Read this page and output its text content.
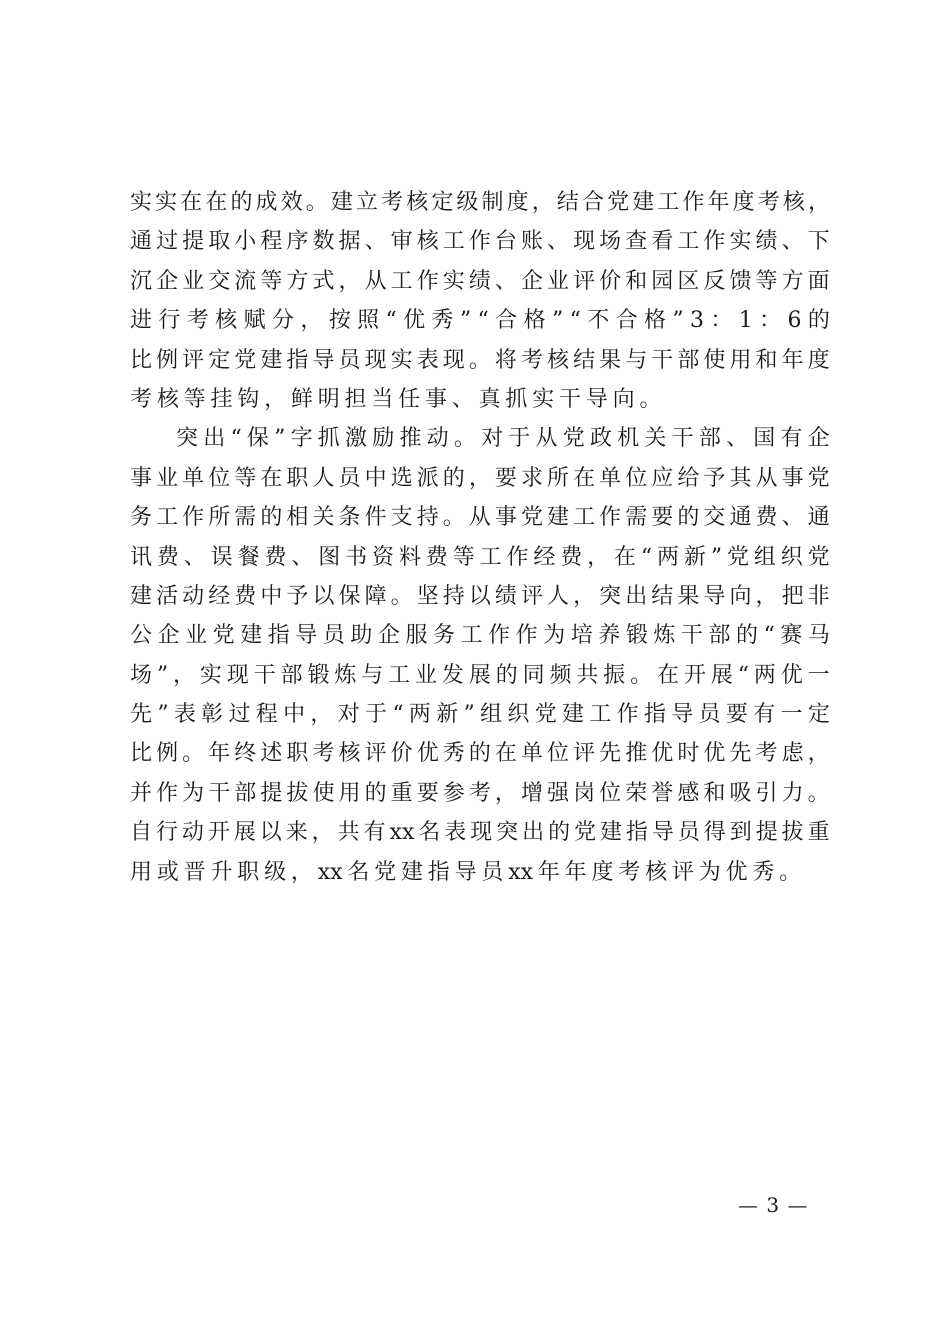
实 实 在 在 的 成 效 。 建 立 考 核 定 级 制 度 ， 结 合 党 建 工 作 年 度 考 核 ，
通 过 提 取 小 程 序 数 据 、 审 核 工 作 台 账 、 现 场 查 看 工 作 实 绩 、 下
沉 企 业 交 流 等 方 式 ， 从 工 作 实 绩 、 企 业 评 价 和 园 区 反 馈 等 方 面
进 行 考 核 赋 分 ， 按 照 “ 优 秀 ” “ 合 格 ” “ 不 合 格 ” 3 ： 1 ： 6 的
比 例 评 定 党 建 指 导 员 现 实 表 现 。 将 考 核 结 果 与 干 部 使 用 和 年 度
考 核 等 挂 钩 ， 鲜 明 担 当 任 事 、 真 抓 实 干 导 向 。
突 出 “ 保 ” 字 抓 激 励 推 动 。 对 于 从 党 政 机 关 干 部 、 国 有 企
事 业 单 位 等 在 职 人 员 中 选 派 的 ， 要 求 所 在 单 位 应 给 予 其 从 事 党
务 工 作 所 需 的 相 关 条 件 支 持 。 从 事 党 建 工 作 需 要 的 交 通 费 、 通
讯 费 、 误 餐 费 、 图 书 资 料 费 等 工 作 经 费 ， 在 “ 两 新 ” 党 组 织 党
建 活 动 经 费 中 予 以 保 障 。 坚 持 以 绩 评 人 ， 突 出 结 果 导 向 ， 把 非
公 企 业 党 建 指 导 员 助 企 服 务 工 作 作 为 培 养 锻 炼 干 部 的 “ 赛 马
场 ” ， 实 现 干 部 锻 炼 与 工 业 发 展 的 同 频 共 振 。 在 开 展 “ 两 优 一
先 ” 表 彰 过 程 中 ， 对 于 “ 两 新 ” 组 织 党 建 工 作 指 导 员 要 有 一 定
比 例 。 年 终 述 职 考 核 评 价 优 秀 的 在 单 位 评 先 推 优 时 优 先 考 虑 ，
并 作 为 干 部 提 拔 使 用 的 重 要 参 考 ， 增 强 岗 位 荣 誉 感 和 吸 引 力 。
自 行 动 开 展 以 来 ， 共 有 xx 名 表 现 突 出 的 党 建 指 导 员 得 到 提 拔 重
用 或 晋 升 职 级 ， xx 名 党 建 指 导 员 xx 年 年 度 考 核 评 为 优 秀 。
— 3 —
